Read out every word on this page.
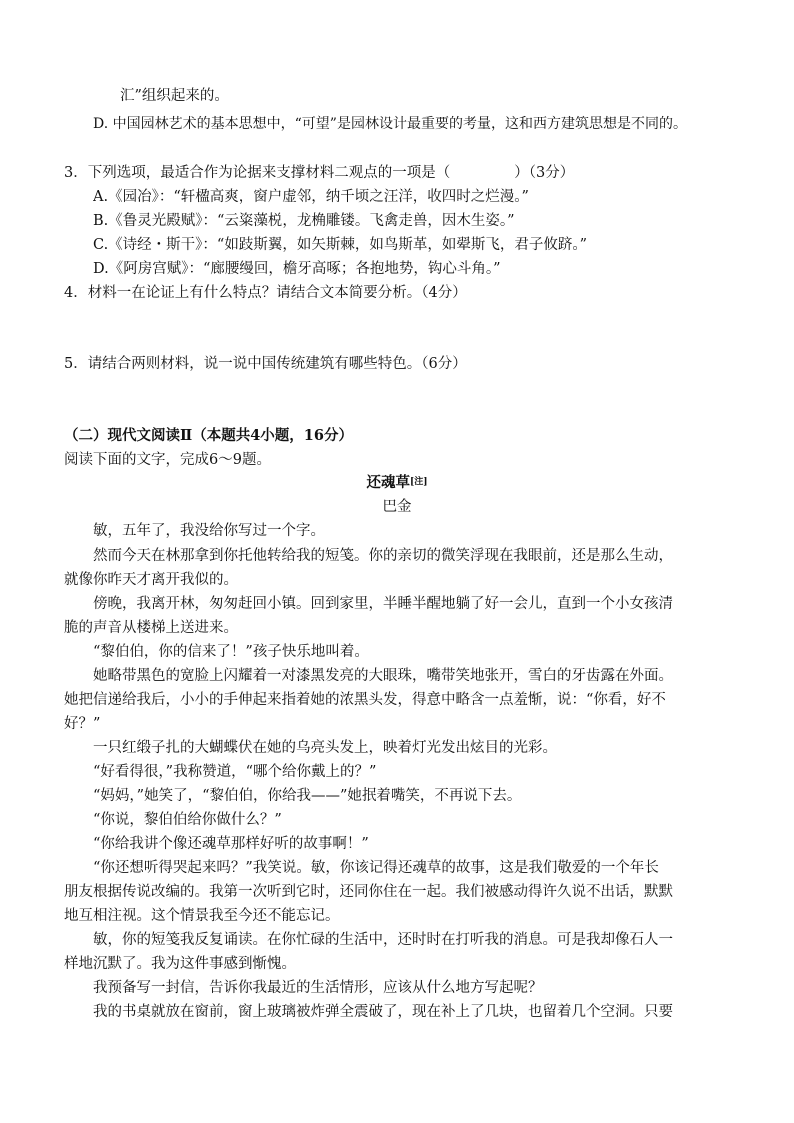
汇”组织起来的。

D. 中国园林艺术的基本思想中，“可望”是园林设计最重要的考量，这和西方建筑思想是不同的。

3．下列选项，最适合作为论据来支撑材料二观点的一项是（	）（3分）

A.《园冶》：“轩楹高爽，窗户虚邻，纳千顷之汪洋，收四时之烂漫。”

B.《鲁灵光殿赋》：“云粢藻棁，龙桷雕镂。飞禽走兽，因木生姿。”

C.《诗经・斯干》：“如跂斯翼，如矢斯棘，如鸟斯革，如翚斯飞，君子攸跻。”

D.《阿房宫赋》：“廊腰缦回，檐牙高啄；各抱地势，钩心斗角。”

4．材料一在论证上有什么特点？请结合文本简要分析。（4分）

5．请结合两则材料，说一说中国传统建筑有哪些特色。（6分）

（二）现代文阅读Ⅱ（本题共4小题，16分）

阅读下面的文字，完成6～9题。

还魂草[注]

巴金

敏，五年了，我没给你写过一个字。

然而今天在林那拿到你托他转给我的短笺。你的亲切的微笑浮现在我眼前，还是那么生动，

就像你昨天才离开我似的。

傍晚，我离开林，匆匆赶回小镇。回到家里，半睡半醒地躺了好一会儿，直到一个小女孩清

脆的声音从楼梯上送进来。

“黎伯伯，你的信来了！”孩子快乐地叫着。

她略带黑色的宽脸上闪耀着一对漆黑发亮的大眼珠，嘴带笑地张开，雪白的牙齿露在外面。

她把信递给我后，小小的手伸起来指着她的浓黑头发，得意中略含一点羞惭，说：“你看，好不

好？”

一只红缎子扎的大蝴蝶伏在她的乌亮头发上，映着灯光发出炫目的光彩。

“好看得很，”我称赞道，“哪个给你戴上的？”

“妈妈，”她笑了，“黎伯伯，你给我——”她抿着嘴笑，不再说下去。

“你说，黎伯伯给你做什么？”

“你给我讲个像还魂草那样好听的故事啊！”

“你还想听得哭起来吗？”我笑说。敏，你该记得还魂草的故事，这是我们敬爱的一个年长

朋友根据传说改编的。我第一次听到它时，还同你住在一起。我们被感动得许久说不出话，默默

地互相注视。这个情景我至今还不能忘记。

敏，你的短笺我反复诵读。在你忙碌的生活中，还时时在打听我的消息。可是我却像石人一

样地沉默了。我为这件事感到惭愧。

我预备写一封信，告诉你我最近的生活情形，应该从什么地方写起呢？

我的书桌就放在窗前，窗上玻璃被炸弹全震破了，现在补上了几块，也留着几个空洞。只要
